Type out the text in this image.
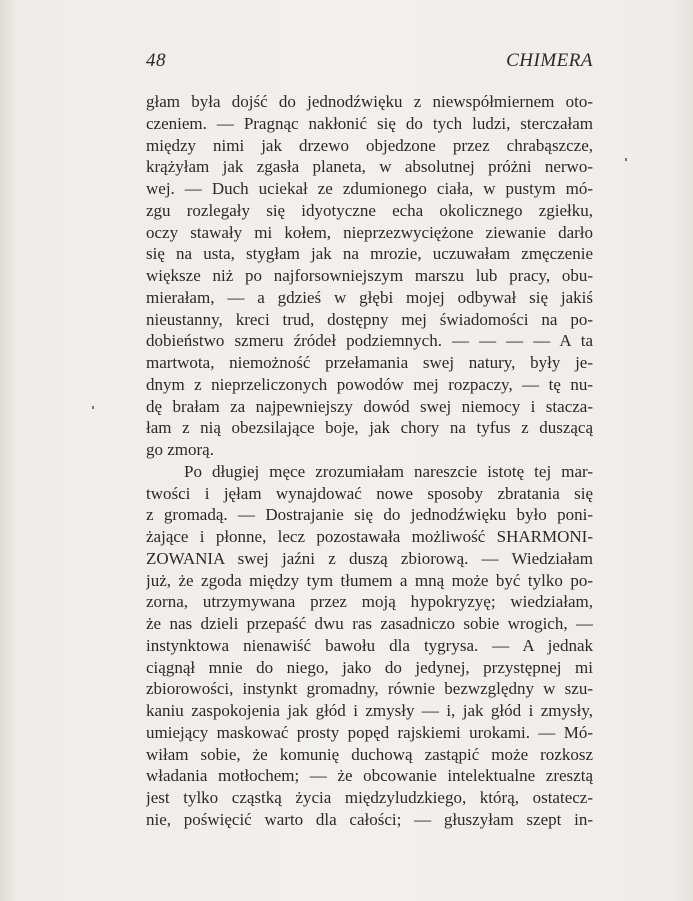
48	CHIMERA
głam była dojść do jednodźwięku z niewspółmiernem oto-
czeniem. — Pragnąc nakłonić się do tych ludzi, sterczałam
między nimi jak drzewo objedzone przez chrabąszcze,
krążyłam jak zgasła planeta, w absolutnej próżni nerwo-
wej. — Duch uciekał ze zdumionego ciała, w pustym mó-
zgu rozlegały się idyotyczne echa okolicznego zgiełku,
oczy stawały mi kołem, nieprzezwyciężone ziewanie darło
się na usta, stygłam jak na mrozie, uczuwałam zmęczenie
większe niż po najforsowniejszym marszu lub pracy, obu-
mierałam, — a gdzieś w głębi mojej odbywał się jakiś
nieustanny, kreci trud, dostępny mej świadomości na po-
dobieństwo szmeru źródeł podziemnych. — — — — A ta
martwota, niemożność przełamania swej natury, były je-
dnym z nieprzeliczonych powodów mej rozpaczy, — tę nu-
dę brałam za najpewniejszy dowód swej niemocy i stacza-
łam z nią obezsilające boje, jak chory na tyfus z duszącą
go zmorą.
Po długiej męce zrozumiałam nareszcie istotę tej mar-
twości i jęłam wynajdować nowe sposoby zbratania się
z gromadą. — Dostrajanie się do jednodźwięku było poni-
żające i płonne, lecz pozostawała możliwość SHARMONI-
ZOWANIA swej jaźni z duszą zbiorową. — Wiedziałam
już, że zgoda między tym tłumem a mną może być tylko po-
zorna, utrzymywana przez moją hypokryzyę; wiedziałam,
że nas dzieli przepaść dwu ras zasadniczo sobie wrogich, —
instynktowa nienawiść bawołu dla tygrysa. — A jednak
ciągnął mnie do niego, jako do jedynej, przystępnej mi
zbiorowości, instynkt gromadny, równie bezwzględny w szu-
kaniu zaspokojenia jak głód i zmysły — i, jak głód i zmysły,
umiejący maskować prosty popęd rajskiemi urokami. — Mó-
wiłam sobie, że komunię duchową zastąpić może rozkosz
władania motłochem; — że obcowanie intelektualne zresztą
jest tylko cząstką życia międzyludzkiego, którą, ostatecz-
nie, poświęcić warto dla całości; — głuszyłam szept in-
